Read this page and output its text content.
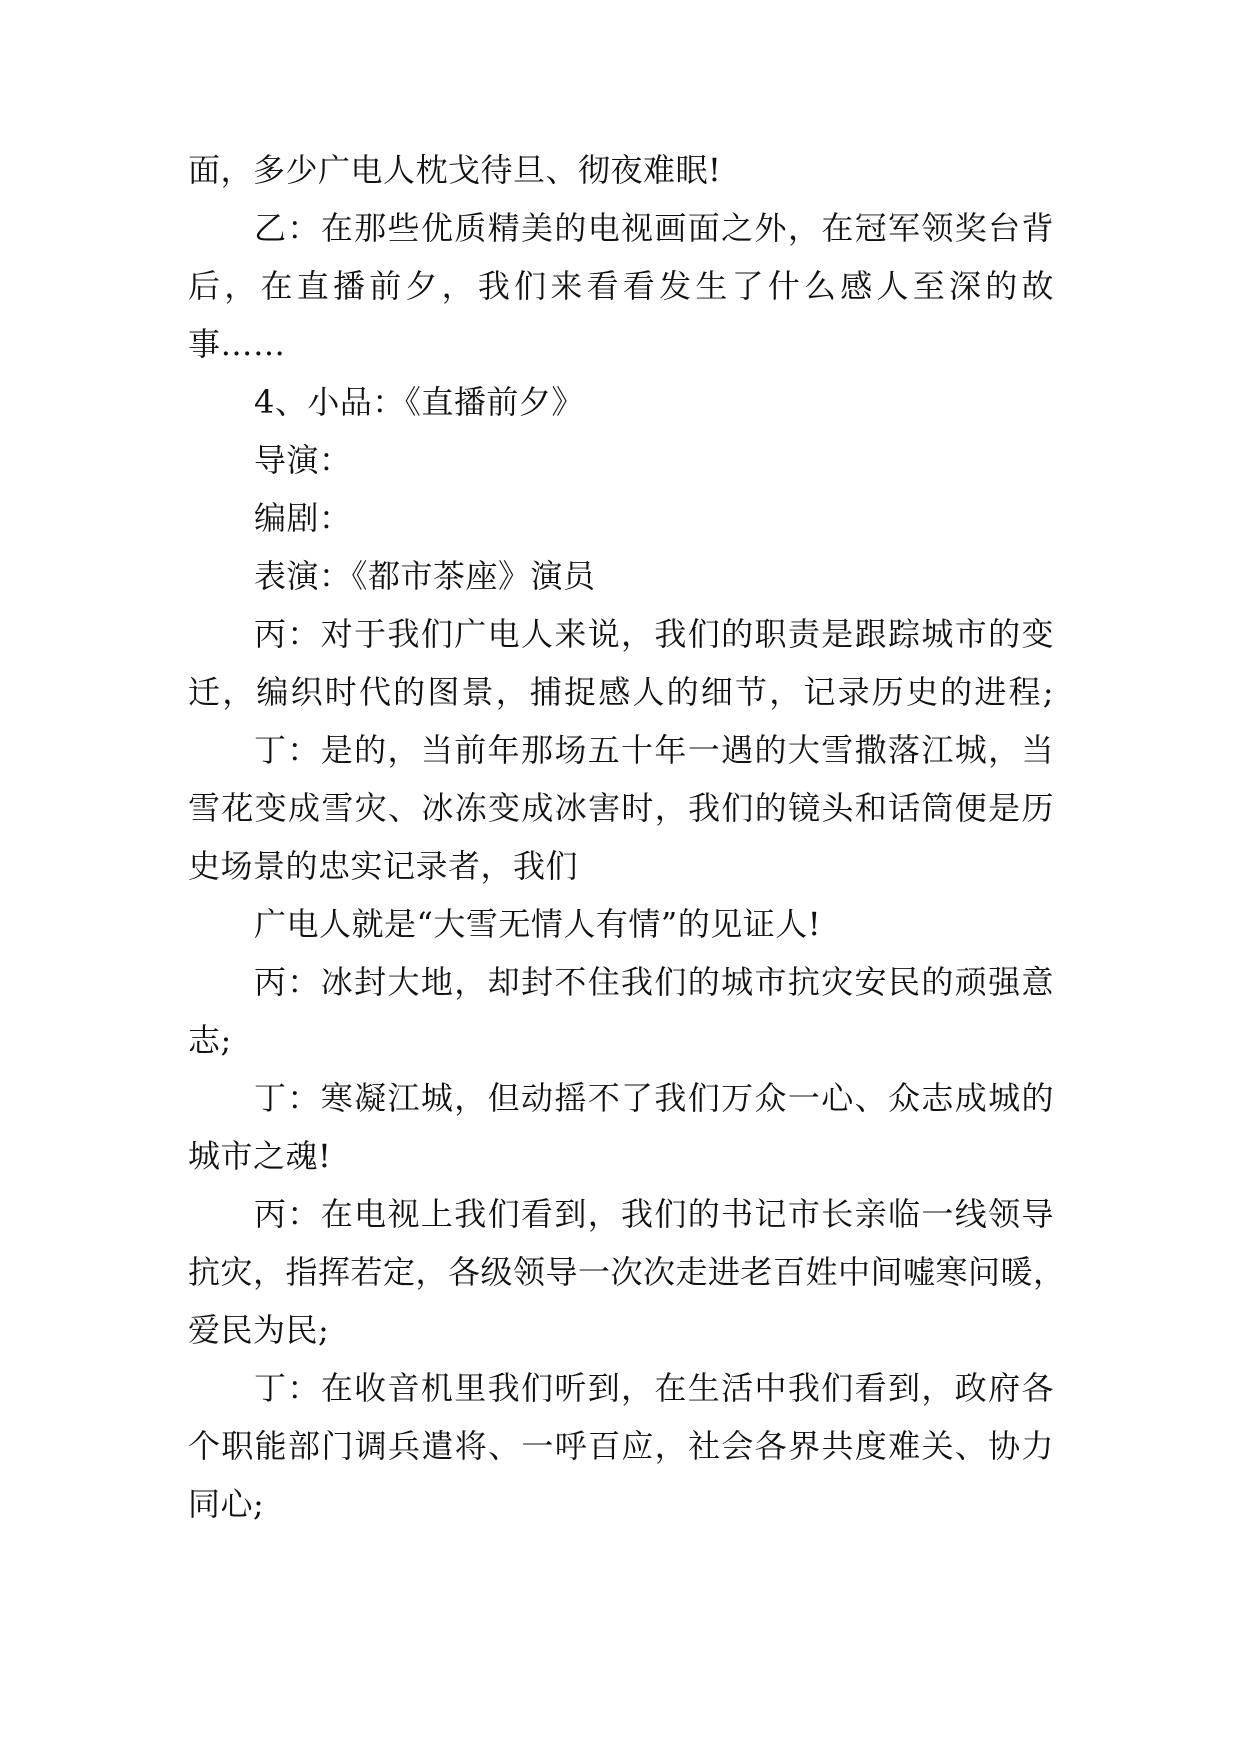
面，多少广电人枕戈待旦、彻夜难眠!
乙：在那些优质精美的电视画面之外，在冠军领奖台背
后，在直播前夕，我们来看看发生了什么感人至深的故
事……
4、小品：《直播前夕》
导演：
编剧：
表演：《都市茶座》演员
丙：对于我们广电人来说，我们的职责是跟踪城市的变
迁，编织时代的图景，捕捉感人的细节，记录历史的进程;
丁：是的，当前年那场五十年一遇的大雪撒落江城，当
雪花变成雪灾、冰冻变成冰害时，我们的镜头和话筒便是历
史场景的忠实记录者，我们
广电人就是“大雪无情人有情”的见证人!
丙：冰封大地，却封不住我们的城市抗灾安民的顽强意
志;
丁：寒凝江城，但动摇不了我们万众一心、众志成城的
城市之魂!
丙：在电视上我们看到，我们的书记市长亲临一线领导
抗灾，指挥若定，各级领导一次次走进老百姓中间嘘寒问暖，
爱民为民;
丁：在收音机里我们听到，在生活中我们看到，政府各
个职能部门调兵遣将、一呼百应，社会各界共度难关、协力
同心;
